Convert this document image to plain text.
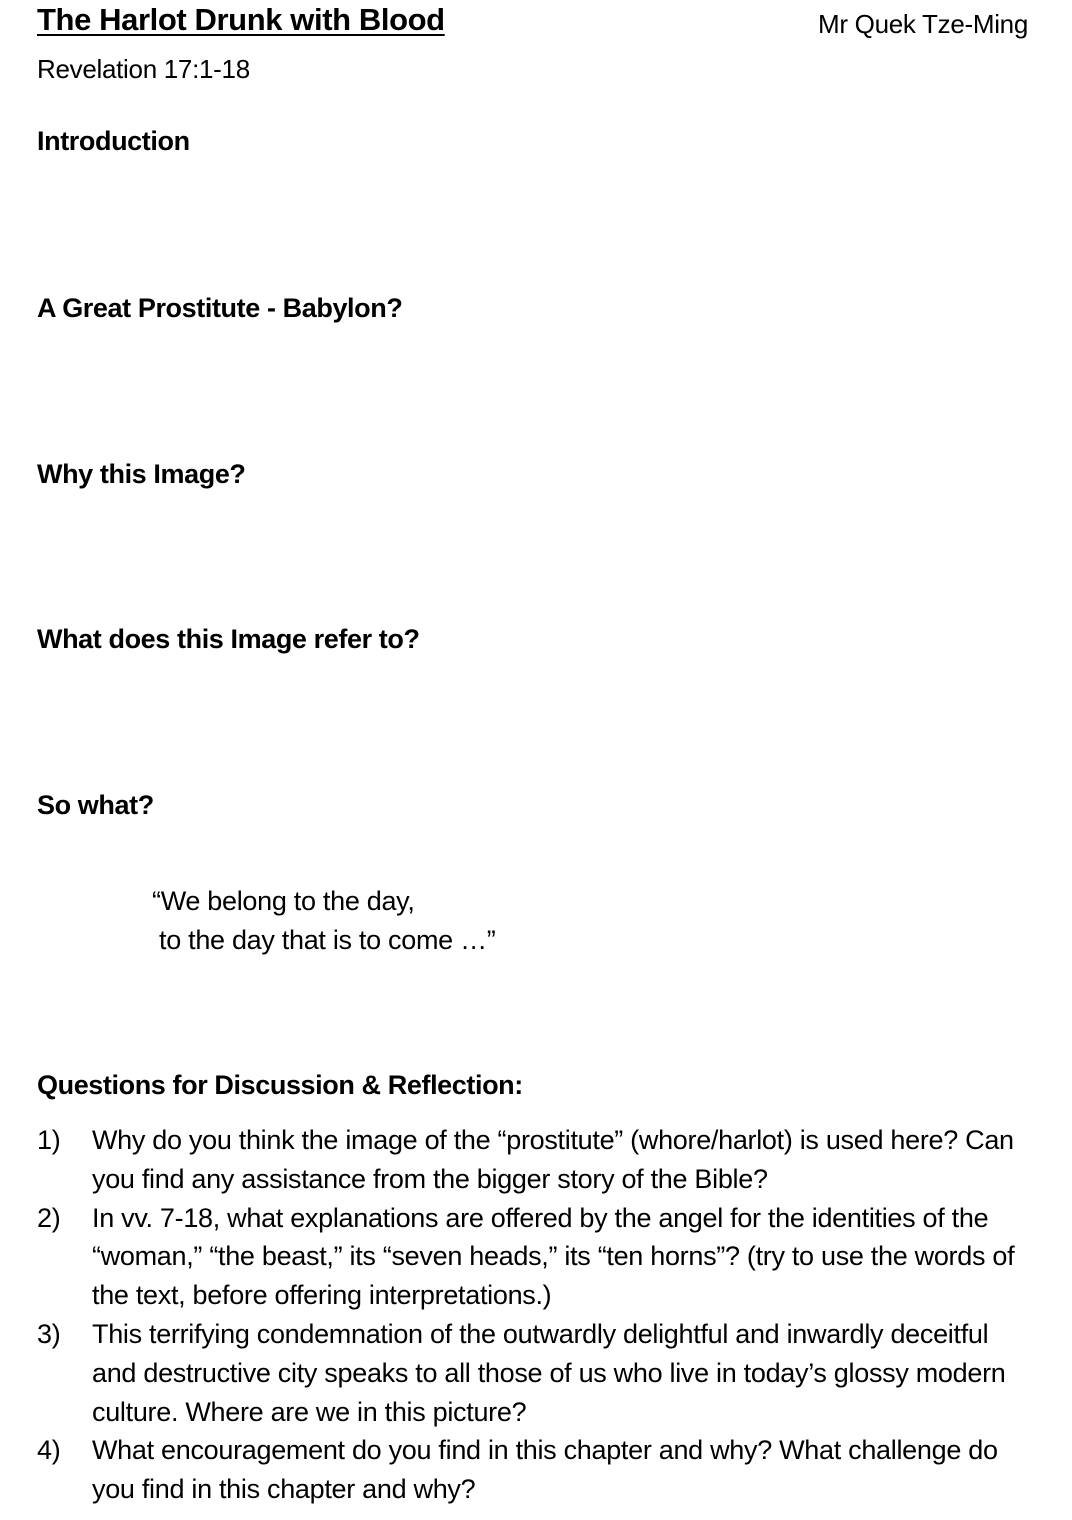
The Harlot Drunk with Blood	Mr Quek Tze-Ming
Revelation 17:1-18
Introduction
A Great Prostitute - Babylon?
Why this Image?
What does this Image refer to?
So what?
“We belong to the day,
to the day that is to come …”
Questions for Discussion & Reflection:
1) Why do you think the image of the “prostitute” (whore/harlot) is used here? Can you find any assistance from the bigger story of the Bible?
2) In vv. 7-18, what explanations are offered by the angel for the identities of the “woman,” “the beast,” its “seven heads,” its “ten horns”? (try to use the words of the text, before offering interpretations.)
3) This terrifying condemnation of the outwardly delightful and inwardly deceitful and destructive city speaks to all those of us who live in today’s glossy modern culture. Where are we in this picture?
4) What encouragement do you find in this chapter and why? What challenge do you find in this chapter and why?
